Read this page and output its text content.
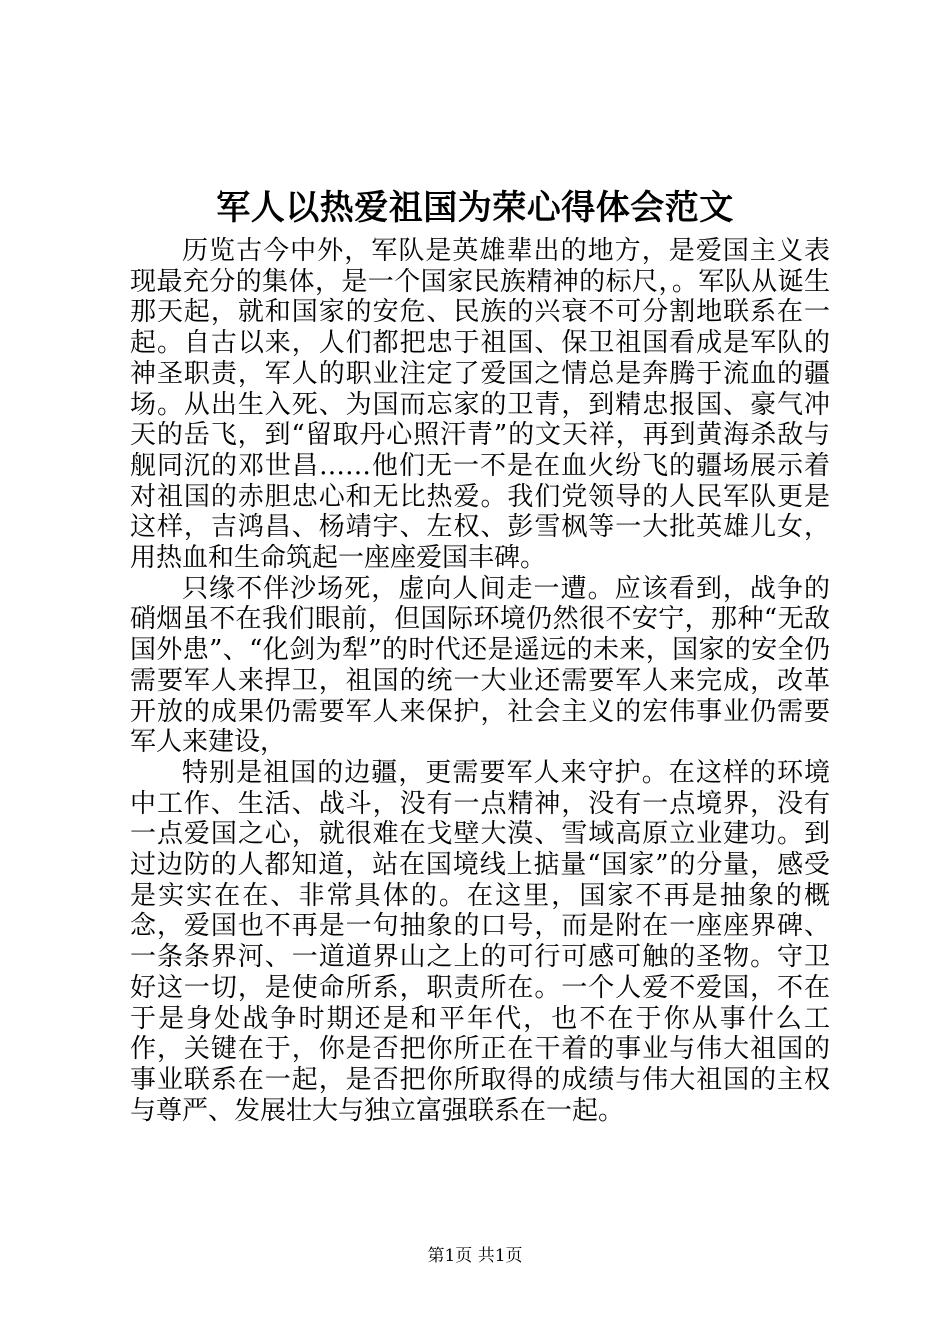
军人以热爱祖国为荣心得体会范文

历览古今中外，军队是英雄辈出的地方，是爱国主义表现最充分的集体，是一个国家民族精神的标尺，。军队从诞生那天起，就和国家的安危、民族的兴衰不可分割地联系在一起。自古以来，人们都把忠于祖国、保卫祖国看成是军队的神圣职责，军人的职业注定了爱国之情总是奔腾于流血的疆场。从出生入死、为国而忘家的卫青，到精忠报国、豪气冲天的岳飞，到“留取丹心照汗青”的文天祥，再到黄海杀敌与舰同沉的邓世昌……他们无一不是在血火纷飞的疆场展示着对祖国的赤胆忠心和无比热爱。我们党领导的人民军队更是这样，吉鸿昌、杨靖宇、左权、彭雪枫等一大批英雄儿女，用热血和生命筑起一座座爱国丰碑。

只缘不伴沙场死，虚向人间走一遭。应该看到，战争的硝烟虽不在我们眼前，但国际环境仍然很不安宁，那种“无敌国外患”、“化剑为犁”的时代还是遥远的未来，国家的安全仍需要军人来捍卫，祖国的统一大业还需要军人来完成，改革开放的成果仍需要军人来保护，社会主义的宏伟事业仍需要军人来建设，

特别是祖国的边疆，更需要军人来守护。在这样的环境中工作、生活、战斗，没有一点精神，没有一点境界，没有一点爱国之心，就很难在戈壁大漠、雪域高原立业建功。到过边防的人都知道，站在国境线上掂量“国家”的分量，感受是实实在在、非常具体的。在这里，国家不再是抽象的概念，爱国也不再是一句抽象的口号，而是附在一座座界碑、一条条界河、一道道界山之上的可行可感可触的圣物。守卫好这一切，是使命所系，职责所在。一个人爱不爱国，不在于是身处战争时期还是和平年代，也不在于你从事什么工作，关键在于，你是否把你所正在干着的事业与伟大祖国的事业联系在一起，是否把你所取得的成绩与伟大祖国的主权与尊严、发展壮大与独立富强联系在一起。

第1页 共1页
